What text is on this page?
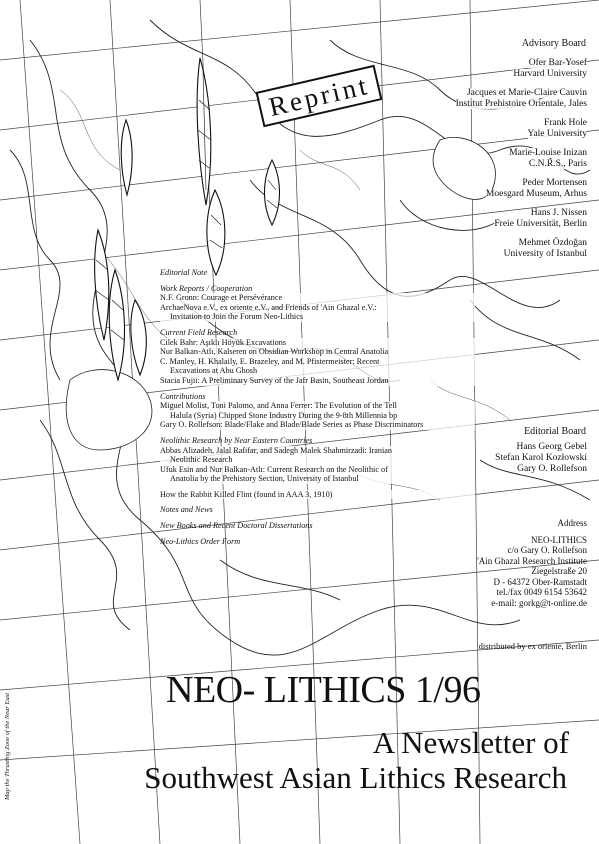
Reprint
Advisory Board
Ofer Bar-Yosef
Harvard University
Jacques et Marie-Claire Cauvin
Institut Prehistoire Orientale, Jales
Frank Hole
Yale University
Marie-Louise Inizan
C.N.R.S., Paris
Peder Mortensen
Moesgard Museum, Arhus
Hans J. Nissen
Freie Universität, Berlin
Mehmet Özdoğan
University of Istanbul
Editorial Note
Work Reports / Cooperation
N.F. Gronn: Courage et Persévérance
ArchaeNova e.V., ex oriente e.V., and Friends of 'Ain Ghazal e.V.:
Invitation to Join the Forum Neo-Lithics
Current Field Research
Cilek Bahr: Aşıklı Höyük Excavations
Nur Balkan-Atlı, Kalseren on Obsidian Workshop in Central Anatolia
C. Manley, H. Khalaily, E. Brazeley, and M. Pfistermeister: Recent
Excavations at Abu Ghosh
Stacia Fujii: A Preliminary Survey of the Jafr Basin, Southeast Jordan
Contributions
Miguel Molist, Toni Palomo, and Anna Ferrer: The Evolution of the Tell
Halula (Syria) Chipped Stone Industry During the 9-8th Millennia bp
Gary O. Rollefson: Blade/Flake and Blade/Blade Series as Phase Discriminators
Neolithic Research by Near Eastern Countries
Abbas Alizadeh, Jalal Rafifar, and Sadegh Malek Shahmirzadi: Iranian
Neolithic Research
Ufuk Esin and Nur Balkan-Atlı: Current Research on the Neolithic of
Anatolia by the Prehistory Section, University of Istanbul
How the Rabbit Killed Flint (found in AAA 3, 1910)
Notes and News
New Books and Recent Doctoral Dissertations
Neo-Lithics Order Form
Editorial Board
Hans Georg Gebel
Stefan Karol Kozłowski
Gary O. Rollefson
Address
NEO-LITHICS
c/o Gary O. Rollefson
'Ain Ghazal Research Institute
Ziegelstraße 20
D - 64372 Ober-Ramstadt
tel./fax 0049 6154 53642
e-mail: gorkg@t-online.de
distributed by ex oriente, Berlin
NEO- LITHICS 1/96
A Newsletter of
Southwest Asian Lithics Research
Map the Thrusting Zone of the Near East
